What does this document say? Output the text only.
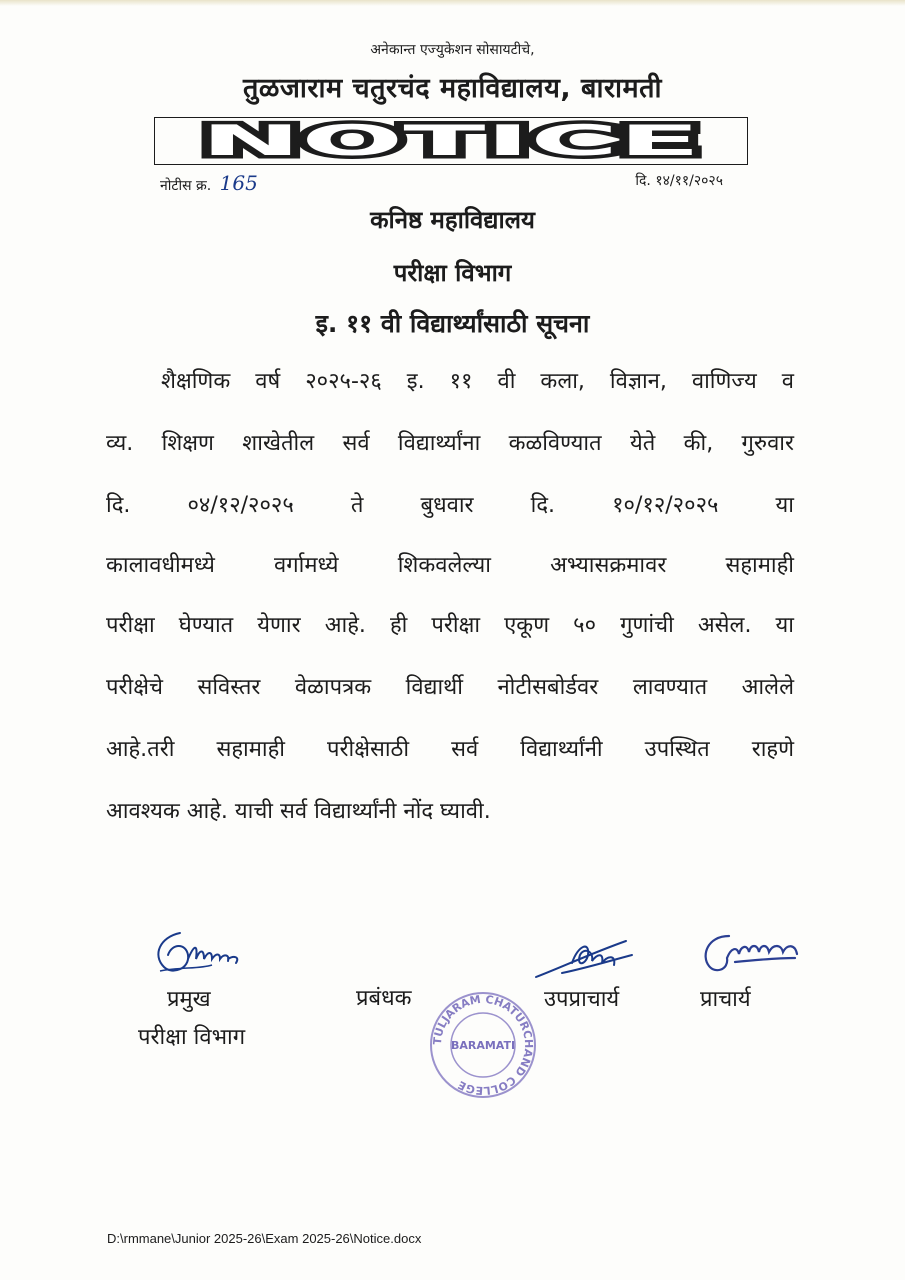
अनेकान्त एज्युकेशन सोसायटीचे,
तुळजाराम चतुरचंद महाविद्यालय, बारामती
NOTICE
नोटीस क्र. 165	दि. १४/११/२०२५
कनिष्ठ महाविद्यालय
परीक्षा विभाग
इ. ११ वी विद्यार्थ्यांसाठी सूचना
शैक्षणिक वर्ष २०२५-२६ इ. ११ वी कला, विज्ञान, वाणिज्य व
व्य. शिक्षण शाखेतील सर्व विद्यार्थ्यांना कळविण्यात येते की, गुरुवार
दि. ०४/१२/२०२५ ते बुधवार दि. १०/१२/२०२५ या
कालावधीमध्ये वर्गामध्ये शिकवलेल्या अभ्यासक्रमावर सहामाही
परीक्षा घेण्यात येणार आहे. ही परीक्षा एकूण ५० गुणांची असेल. या
परीक्षेचे सविस्तर वेळापत्रक विद्यार्थी नोटीसबोर्डवर लावण्यात आलेले
आहे.तरी सहामाही परीक्षेसाठी सर्व विद्यार्थ्यांनी उपस्थित राहणे
आवश्यक आहे. याची सर्व विद्यार्थ्यांनी नोंद घ्यावी.
प्रमुख
परीक्षा विभाग
प्रबंधक	उपप्राचार्य	प्राचार्य
TULJARAM CHATURCHAND COLLEGE
BARAMATI
D:\rmmane\Junior 2025-26\Exam 2025-26\Notice.docx
